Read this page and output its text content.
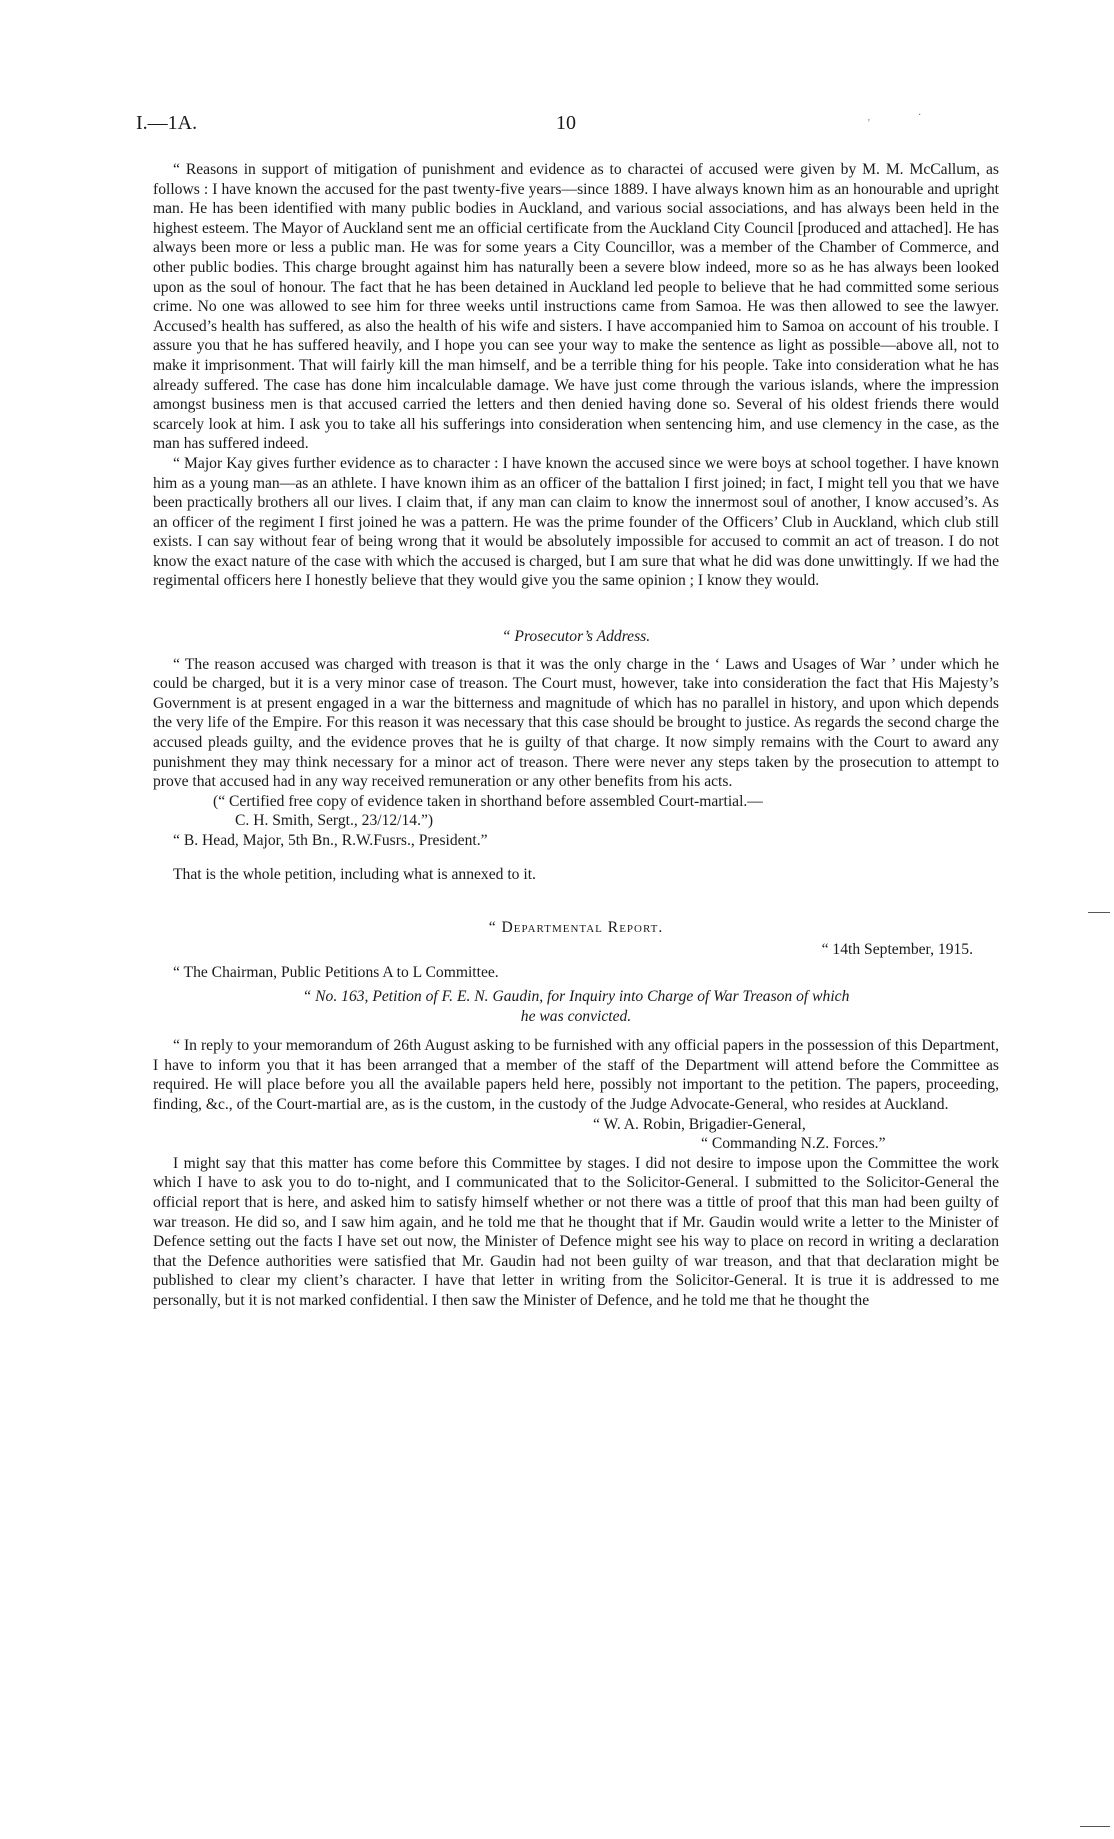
I.—1A.	10	'
·

“ Reasons in support of mitigation of punishment and evidence as to charactei of accused were given by M. M. McCallum, as follows : I have known the accused for the past twenty-five years—since 1889. I have always known him as an honourable and upright man. He has been identified with many public bodies in Auckland, and various social associations, and has always been held in the highest esteem. The Mayor of Auckland sent me an official certificate from the Auckland City Council [produced and attached]. He has always been more or less a public man. He was for some years a City Councillor, was a member of the Chamber of Commerce, and other public bodies. This charge brought against him has naturally been a severe blow indeed, more so as he has always been looked upon as the soul of honour. The fact that he has been detained in Auckland led people to believe that he had committed some serious crime. No one was allowed to see him for three weeks until instructions came from Samoa. He was then allowed to see the lawyer. Accused’s health has suffered, as also the health of his wife and sisters. I have accompanied him to Samoa on account of his trouble. I assure you that he has suffered heavily, and I hope you can see your way to make the sentence as light as possible—above all, not to make it imprisonment. That will fairly kill the man himself, and be a terrible thing for his people. Take into consideration what he has already suffered. The case has done him incalculable damage. We have just come through the various islands, where the impression amongst business men is that accused carried the letters and then denied having done so. Several of his oldest friends there would scarcely look at him. I ask you to take all his sufferings into consideration when sentencing him, and use clemency in the case, as the man has suffered indeed.

“ Major Kay gives further evidence as to character : I have known the accused since we were boys at school together. I have known him as a young man—as an athlete. I have known ihim as an officer of the battalion I first joined; in fact, I might tell you that we have been practically brothers all our lives. I claim that, if any man can claim to know the innermost soul of another, I know accused’s. As an officer of the regiment I first joined he was a pattern. He was the prime founder of the Officers’ Club in Auckland, which club still exists. I can say without fear of being wrong that it would be absolutely impossible for accused to commit an act of treason. I do not know the exact nature of the case with which the accused is charged, but I am sure that what he did was done unwittingly. If we had the regimental officers here I honestly believe that they would give you the same opinion ; I know they would.

“ Prosecutor’s Address.

“ The reason accused was charged with treason is that it was the only charge in the ‘ Laws and Usages of War ’ under which he could be charged, but it is a very minor case of treason. The Court must, however, take into consideration the fact that His Majesty’s Government is at present engaged in a war the bitterness and magnitude of which has no parallel in history, and upon which depends the very life of the Empire. For this reason it was necessary that this case should be brought to justice. As regards the second charge the accused pleads guilty, and the evidence proves that he is guilty of that charge. It now simply remains with the Court to award any punishment they may think necessary for a minor act of treason. There were never any steps taken by the prosecution to attempt to prove that accused had in any way received remuneration or any other benefits from his acts.

(“ Certified free copy of evidence taken in shorthand before assembled Court-martial.—

C. H. Smith, Sergt., 23/12/14.”)

“ B. Head, Major, 5th Bn., R.W.Fusrs., President.”

That is the whole petition, including what is annexed to it.

“ Departmental Report.

“ 14th September, 1915.

“ The Chairman, Public Petitions A to L Committee.

“ No. 163, Petition of F. E. N. Gaudin, for Inquiry into Charge of War Treason of which
he was convicted.

“ In reply to your memorandum of 26th August asking to be furnished with any official papers in the possession of this Department, I have to inform you that it has been arranged that a member of the staff of the Department will attend before the Committee as required. He will place before you all the available papers held here, possibly not important to the petition. The papers, proceeding, finding, &c., of the Court-martial are, as is the custom, in the custody of the Judge Advocate-General, who resides at Auckland.

“ W. A. Robin, Brigadier-General,

“ Commanding N.Z. Forces.”

I might say that this matter has come before this Committee by stages. I did not desire to impose upon the Committee the work which I have to ask you to do to-night, and I communicated that to the Solicitor-General. I submitted to the Solicitor-General the official report that is here, and asked him to satisfy himself whether or not there was a tittle of proof that this man had been guilty of war treason. He did so, and I saw him again, and he told me that he thought that if Mr. Gaudin would write a letter to the Minister of Defence setting out the facts I have set out now, the Minister of Defence might see his way to place on record in writing a declaration that the Defence authorities were satisfied that Mr. Gaudin had not been guilty of war treason, and that that declaration might be published to clear my client’s character. I have that letter in writing from the Solicitor-General. It is true it is addressed to me personally, but it is not marked confidential. I then saw the Minister of Defence, and he told me that he thought the
